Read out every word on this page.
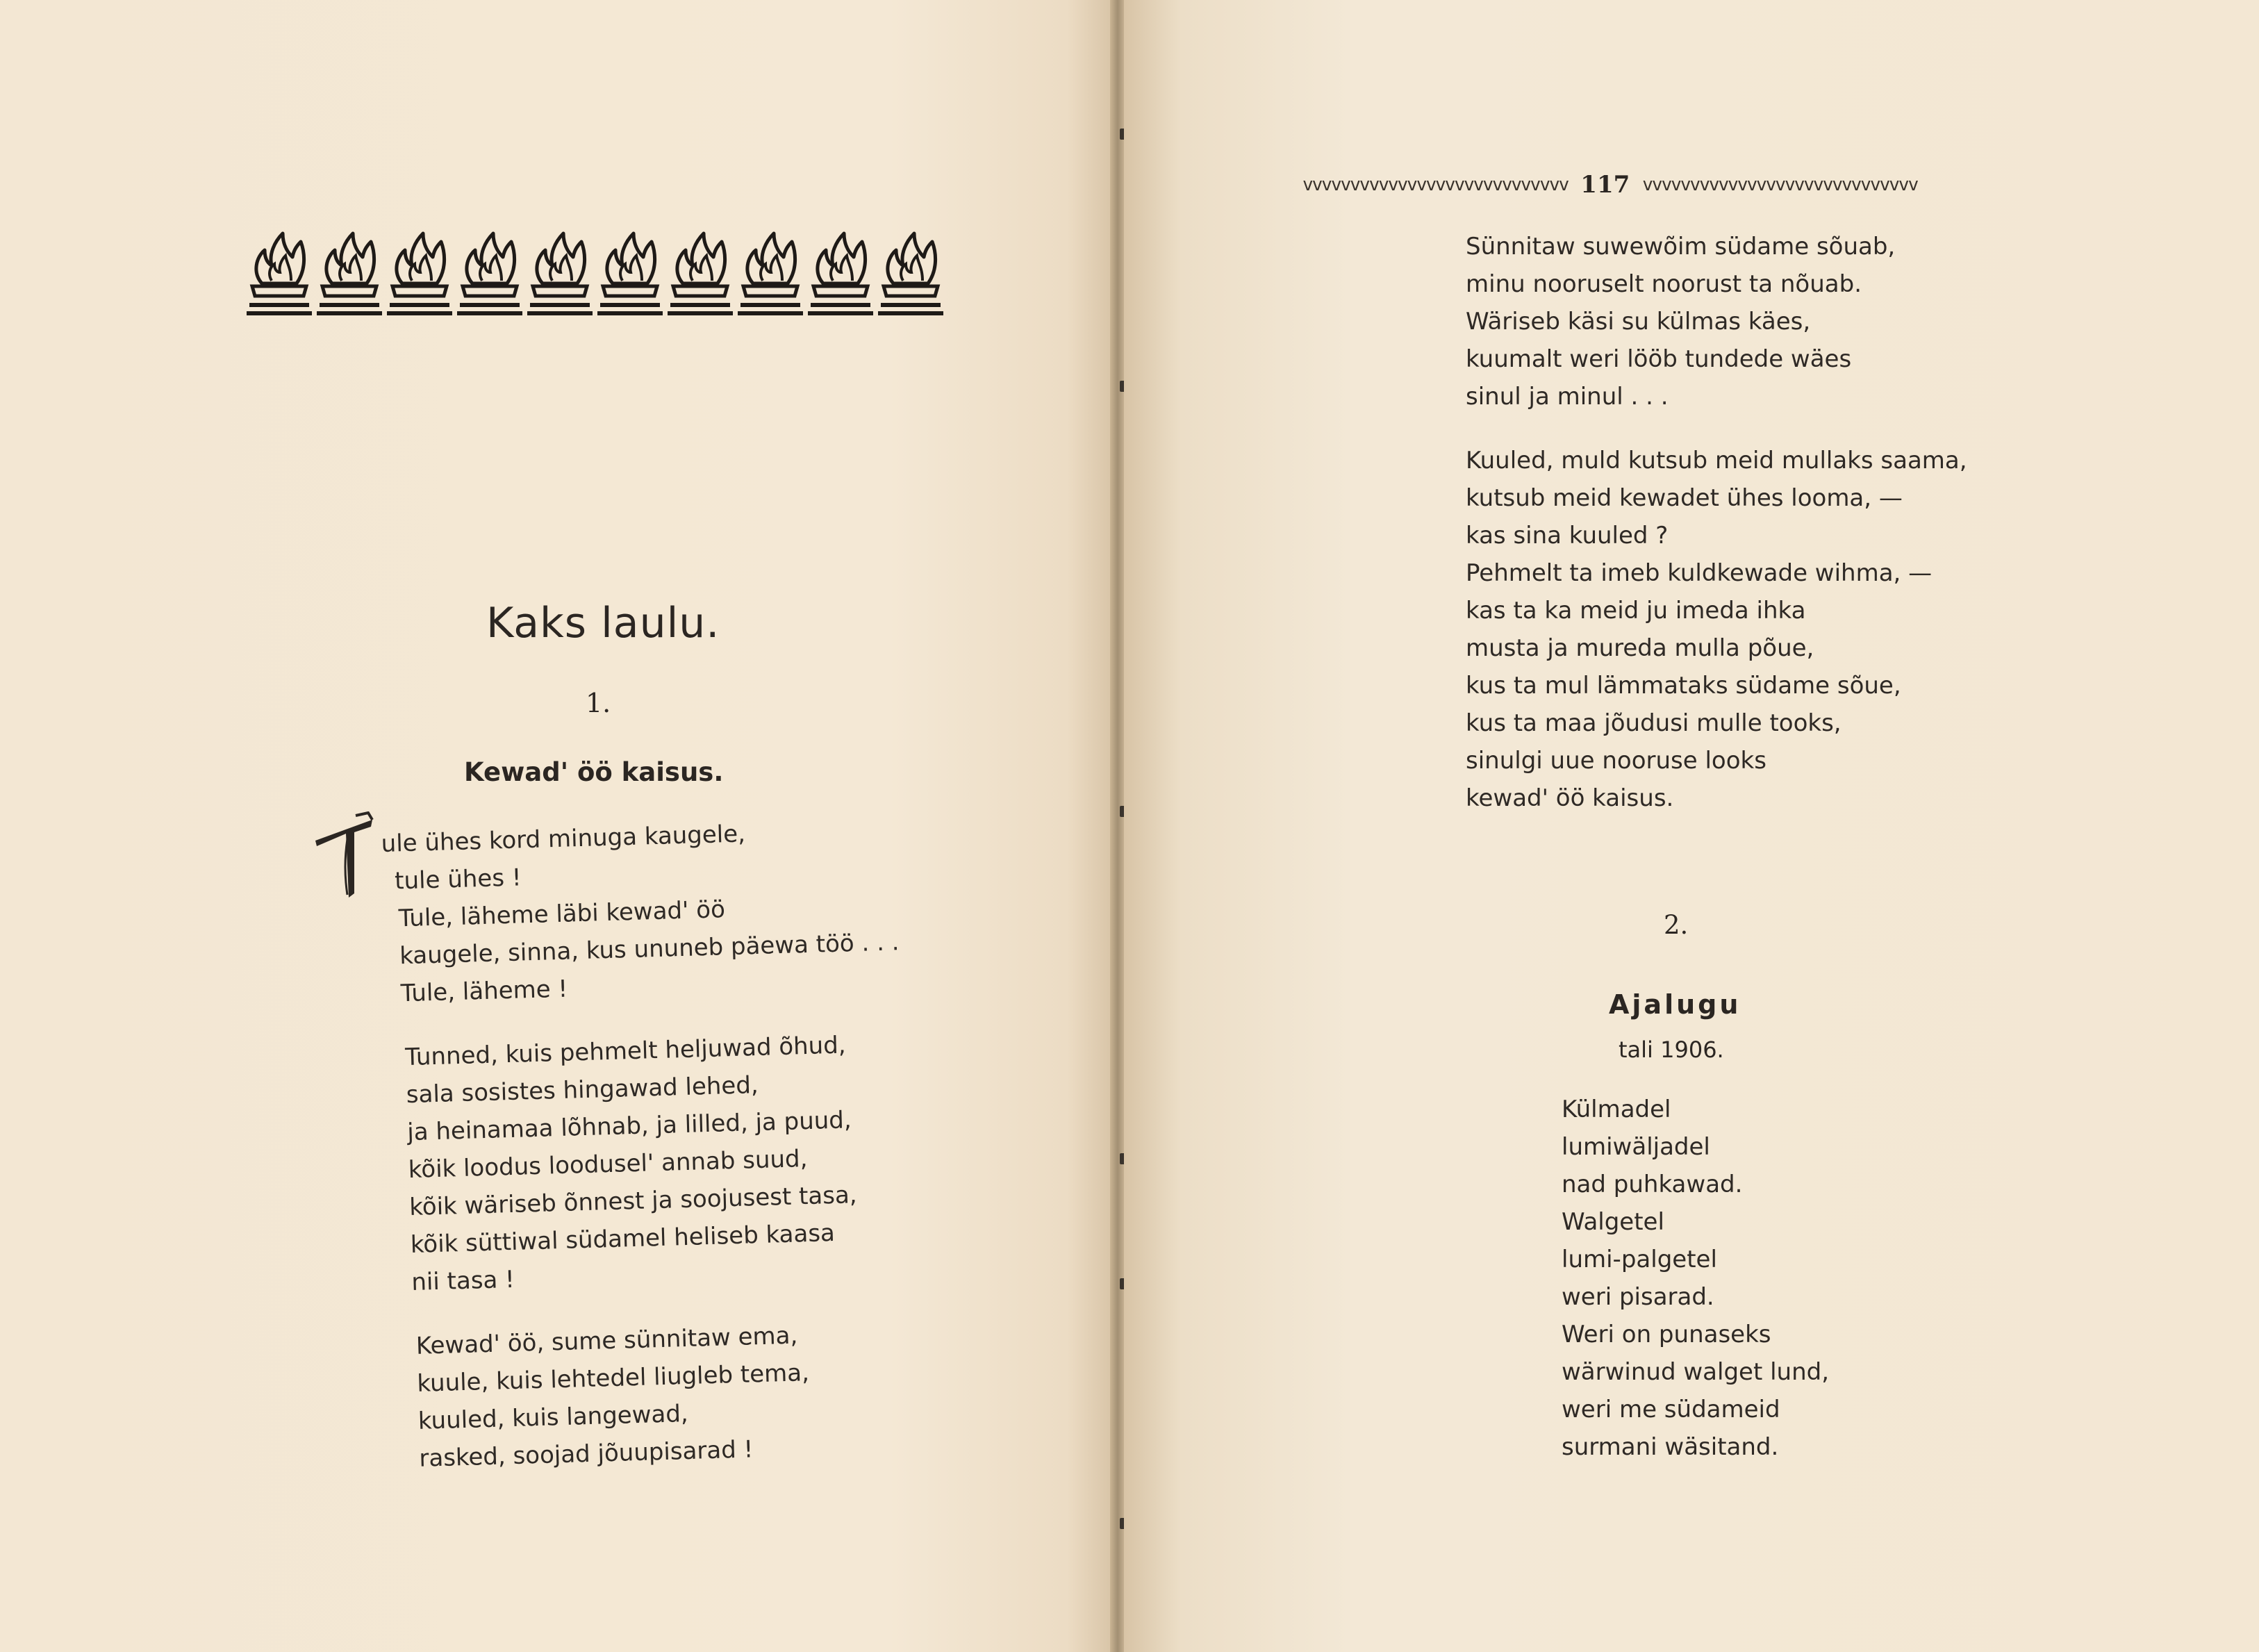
Kaks laulu.
1.
Kewad' öö kaisus.
ule ühes kord minuga kaugele,
tule ühes !
Tule, läheme läbi kewad' öö
kaugele, sinna, kus ununeb päewa töö . . .
Tule, läheme !
Tunned, kuis pehmelt heljuwad õhud,
sala sosistes hingawad lehed,
ja heinamaa lõhnab, ja lilled, ja puud,
kõik loodus loodusel' annab suud,
kõik wäriseb õnnest ja soojusest tasa,
kõik süttiwal südamel heliseb kaasa
nii tasa !
Kewad' öö, sume sünnitaw ema,
kuule, kuis lehtedel liugleb tema,
kuuled, kuis langewad,
rasked, soojad jõuupisarad !
vvvvvvvvvvvvvvvvvvvvvvvvvvvv 117 vvvvvvvvvvvvvvvvvvvvvvvvvvvvv
Sünnitaw suwewõim südame sõuab,
minu nooruselt noorust ta nõuab.
Wäriseb käsi su külmas käes,
kuumalt weri lööb tundede wäes
sinul ja minul . . .
Kuuled, muld kutsub meid mullaks saama,
kutsub meid kewadet ühes looma, —
kas sina kuuled ?
Pehmelt ta imeb kuldkewade wihma, —
kas ta ka meid ju imeda ihka
musta ja mureda mulla põue,
kus ta mul lämmataks südame sõue,
kus ta maa jõudusi mulle tooks,
sinulgi uue nooruse looks
kewad' öö kaisus.
2.
Ajalugu
tali 1906.
Külmadel
lumiwäljadel
nad puhkawad.
Walgetel
lumi-palgetel
weri pisarad.
Weri on punaseks
wärwinud walget lund,
weri me südameid
surmani wäsitand.
